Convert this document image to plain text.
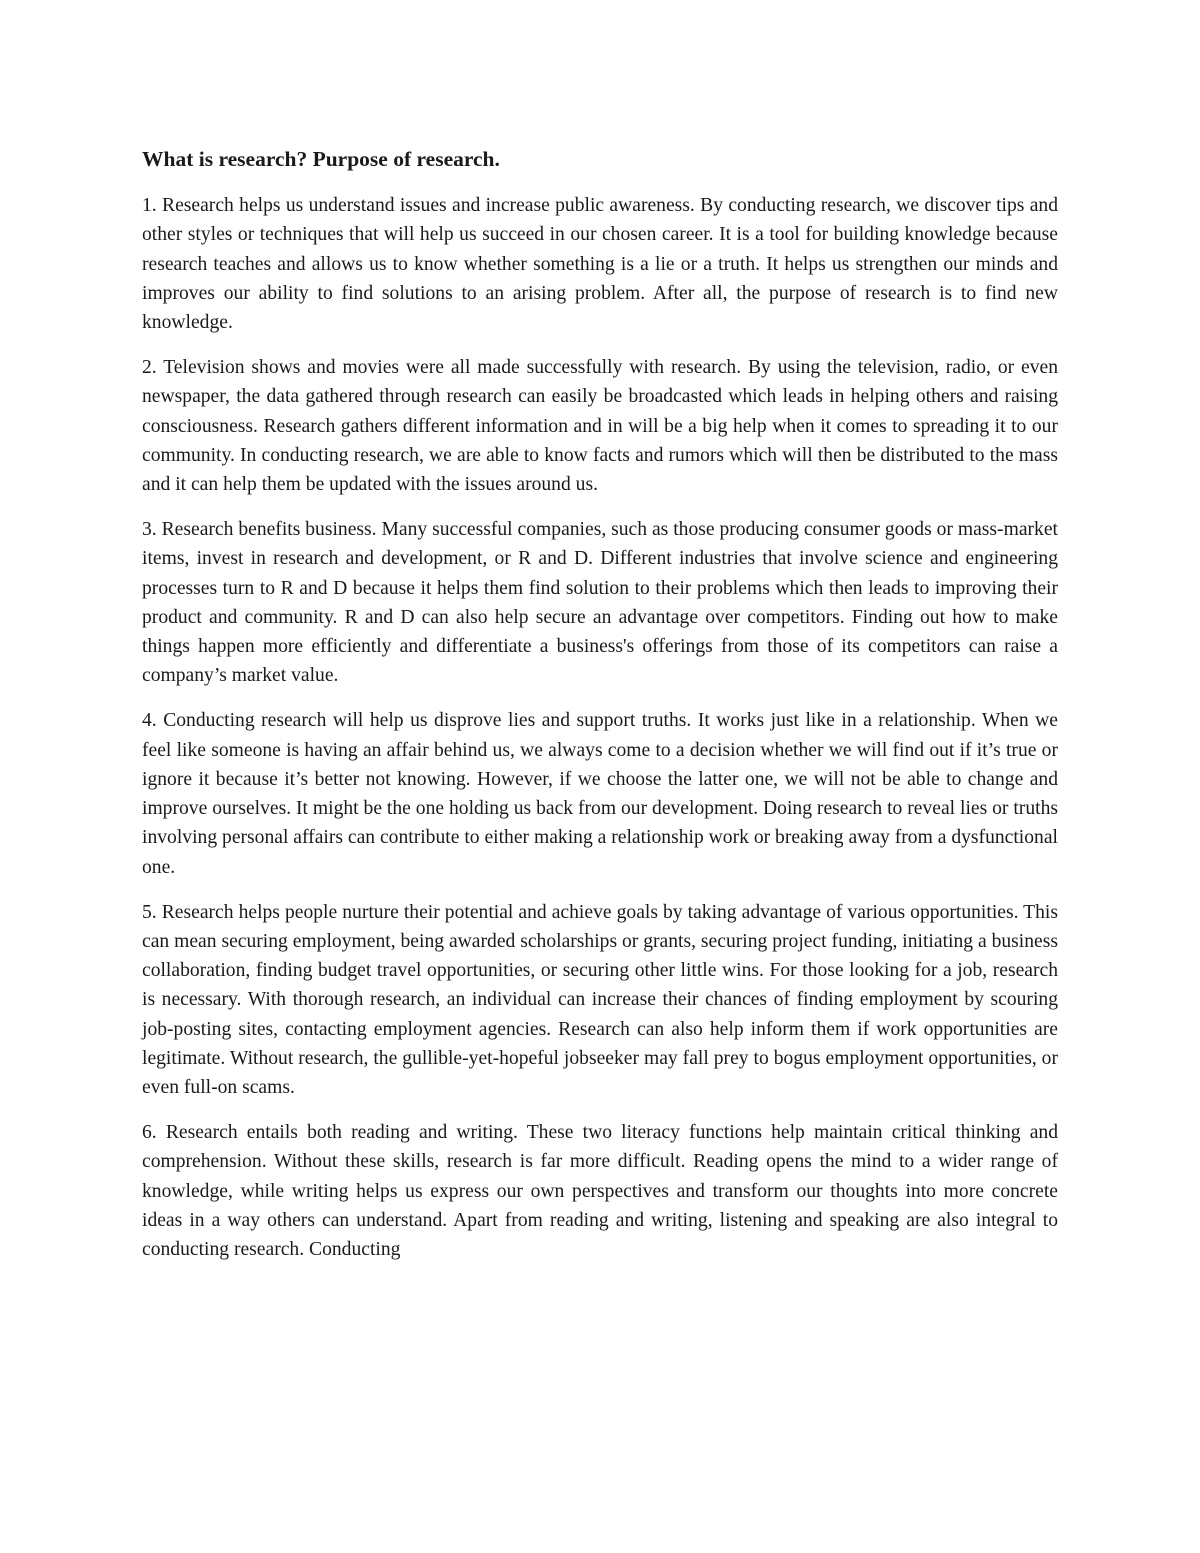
What is research? Purpose of research.

1. Research helps us understand issues and increase public awareness. By conducting research, we discover tips and other styles or techniques that will help us succeed in our chosen career. It is a tool for building knowledge because research teaches and allows us to know whether something is a lie or a truth. It helps us strengthen our minds and improves our ability to find solutions to an arising problem. After all, the purpose of research is to find new knowledge.

2. Television shows and movies were all made successfully with research. By using the television, radio, or even newspaper, the data gathered through research can easily be broadcasted which leads in helping others and raising consciousness. Research gathers different information and in will be a big help when it comes to spreading it to our community. In conducting research, we are able to know facts and rumors which will then be distributed to the mass and it can help them be updated with the issues around us.

3. Research benefits business. Many successful companies, such as those producing consumer goods or mass-market items, invest in research and development, or R and D. Different industries that involve science and engineering processes turn to R and D because it helps them find solution to their problems which then leads to improving their product and community. R and D can also help secure an advantage over competitors. Finding out how to make things happen more efficiently and differentiate a business's offerings from those of its competitors can raise a company’s market value.

4. Conducting research will help us disprove lies and support truths. It works just like in a relationship. When we feel like someone is having an affair behind us, we always come to a decision whether we will find out if it’s true or ignore it because it’s better not knowing. However, if we choose the latter one, we will not be able to change and improve ourselves. It might be the one holding us back from our development. Doing research to reveal lies or truths involving personal affairs can contribute to either making a relationship work or breaking away from a dysfunctional one.

5. Research helps people nurture their potential and achieve goals by taking advantage of various opportunities. This can mean securing employment, being awarded scholarships or grants, securing project funding, initiating a business collaboration, finding budget travel opportunities, or securing other little wins. For those looking for a job, research is necessary. With thorough research, an individual can increase their chances of finding employment by scouring job-posting sites, contacting employment agencies. Research can also help inform them if work opportunities are legitimate. Without research, the gullible-yet-hopeful jobseeker may fall prey to bogus employment opportunities, or even full-on scams.

6. Research entails both reading and writing. These two literacy functions help maintain critical thinking and comprehension. Without these skills, research is far more difficult. Reading opens the mind to a wider range of knowledge, while writing helps us express our own perspectives and transform our thoughts into more concrete ideas in a way others can understand. Apart from reading and writing, listening and speaking are also integral to conducting research. Conducting
